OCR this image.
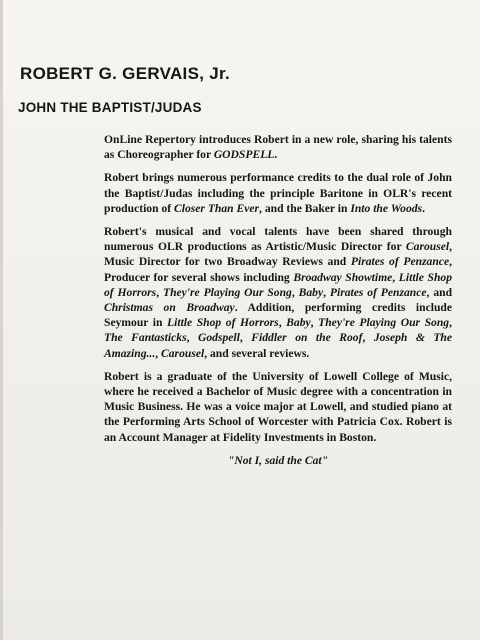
ROBERT G. GERVAIS, Jr.
JOHN THE BAPTIST/JUDAS

OnLine Repertory introduces Robert in a new role, sharing his talents as Choreographer for GODSPELL.

Robert brings numerous performance credits to the dual role of John the Baptist/Judas including the principle Baritone in OLR's recent production of Closer Than Ever, and the Baker in Into the Woods.

Robert's musical and vocal talents have been shared through numerous OLR productions as Artistic/Music Director for Carousel, Music Director for two Broadway Reviews and Pirates of Penzance, Producer for several shows including Broadway Showtime, Little Shop of Horrors, They're Playing Our Song, Baby, Pirates of Penzance, and Christmas on Broadway. Addition, performing credits include Seymour in Little Shop of Horrors, Baby, They're Playing Our Song, The Fantasticks, Godspell, Fiddler on the Roof, Joseph & The Amazing..., Carousel, and several reviews.

Robert is a graduate of the University of Lowell College of Music, where he received a Bachelor of Music degree with a concentration in Music Business. He was a voice major at Lowell, and studied piano at the Performing Arts School of Worcester with Patricia Cox. Robert is an Account Manager at Fidelity Investments in Boston.

"Not I, said the Cat"
